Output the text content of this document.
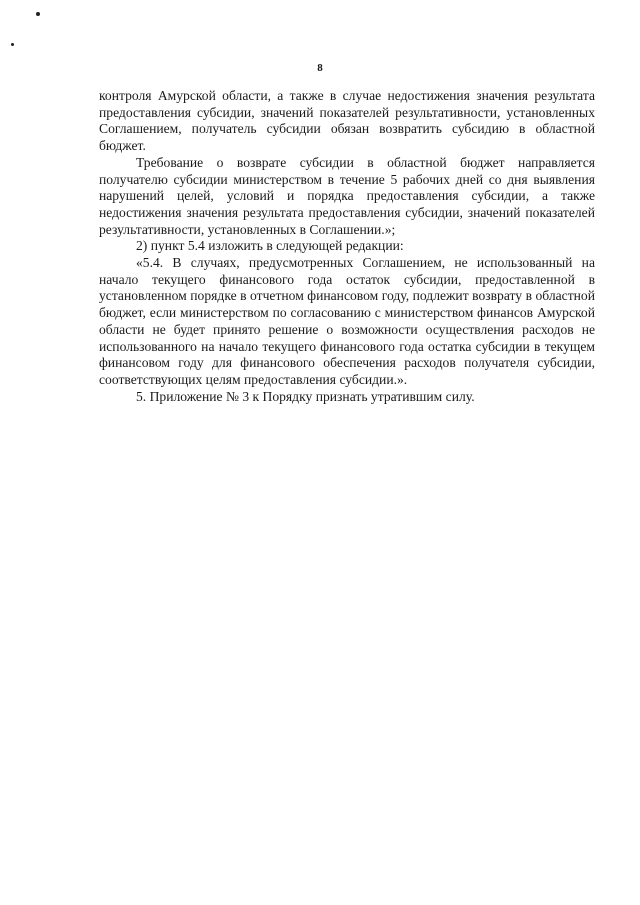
8

контроля Амурской области, а также в случае недостижения значения результата предоставления субсидии, значений показателей результативности, установленных Соглашением, получатель субсидии обязан возвратить субсидию в областной бюджет.

Требование о возврате субсидии в областной бюджет направляется получателю субсидии министерством в течение 5 рабочих дней со дня выявления нарушений целей, условий и порядка предоставления субсидии, а также недостижения значения результата предоставления субсидии, значений показателей результативности, установленных в Соглашении.»;

2) пункт 5.4 изложить в следующей редакции:

«5.4. В случаях, предусмотренных Соглашением, не использованный на начало текущего финансового года остаток субсидии, предоставленной в установленном порядке в отчетном финансовом году, подлежит возврату в областной бюджет, если министерством по согласованию с министерством финансов Амурской области не будет принято решение о возможности осуществления расходов не использованного на начало текущего финансового года остатка субсидии в текущем финансовом году для финансового обеспечения расходов получателя субсидии, соответствующих целям предоставления субсидии.».

5. Приложение № 3 к Порядку признать утратившим силу.
